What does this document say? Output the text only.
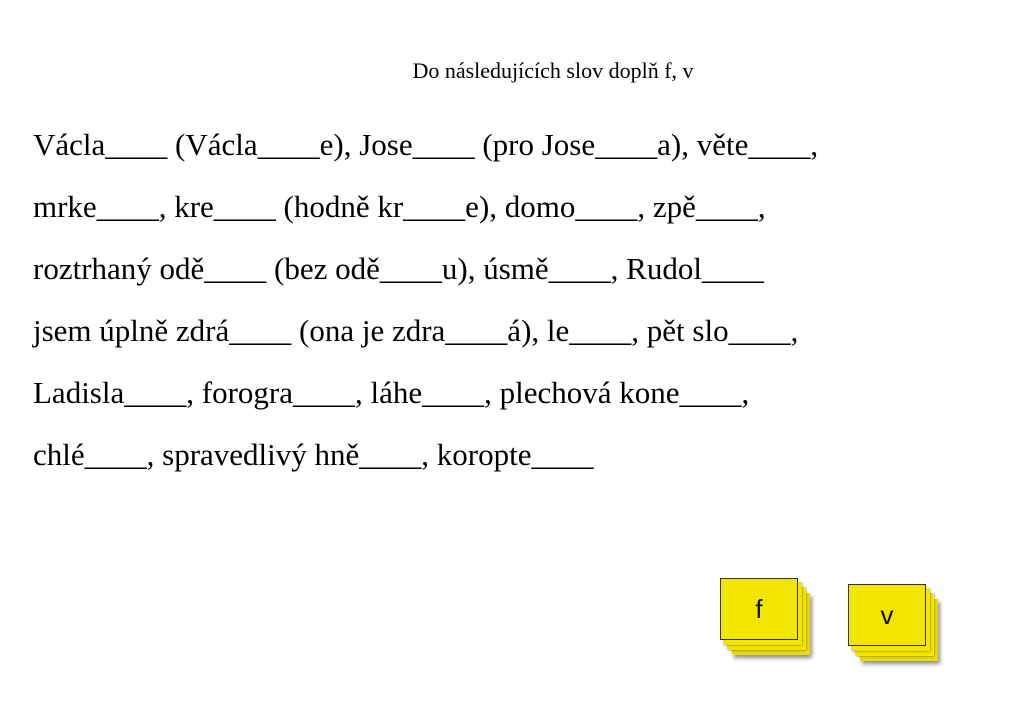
Do následujících slov doplň f, v
Václa____ (Václa____e), Jose____ (pro Jose____a), věte____,
mrke____, kre____ (hodně kr____e), domo____, zpě____,
roztrhaný odě____ (bez odě____u), úsmě____, Rudol____
jsem úplně zdrá____ (ona je zdra____á), le____, pět slo____,
Ladisla____, forogra____, láhe____, plechová kone____,
chlé____, spravedlivý hně____, koropte____
f	v
